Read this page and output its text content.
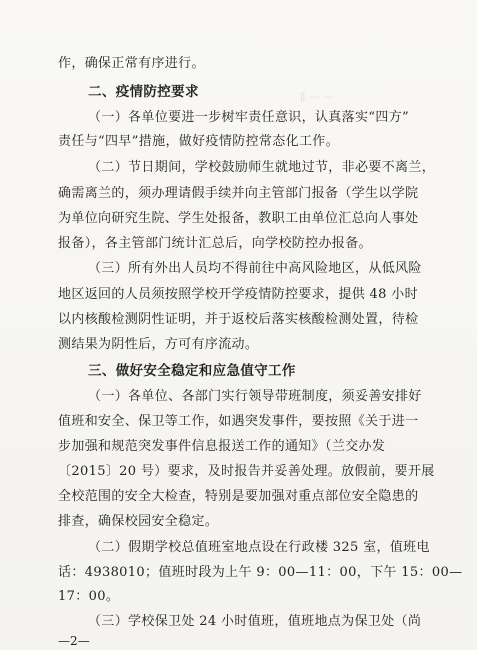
ǁ — —
作，确保正常有序进行。
二、疫情防控要求
（一）各单位要进一步树牢责任意识，认真落实“四方”
责任与“四早”措施，做好疫情防控常态化工作。
（二）节日期间，学校鼓励师生就地过节，非必要不离兰，
确需离兰的，须办理请假手续并向主管部门报备（学生以学院
为单位向研究生院、学生处报备，教职工由单位汇总向人事处
报备），各主管部门统计汇总后，向学校防控办报备。
（三）所有外出人员均不得前往中高风险地区，从低风险
地区返回的人员须按照学校开学疫情防控要求，提供 48 小时
以内核酸检测阴性证明，并于返校后落实核酸检测处置，待检
测结果为阴性后，方可有序流动。
三、做好安全稳定和应急值守工作
（一）各单位、各部门实行领导带班制度，须妥善安排好
值班和安全、保卫等工作，如遇突发事件，要按照《关于进一
步加强和规范突发事件信息报送工作的通知》（兰交办发
〔2015〕20 号）要求，及时报告并妥善处理。放假前，要开展
全校范围的安全大检查，特别是要加强对重点部位安全隐患的
排查，确保校园安全稳定。
（二）假期学校总值班室地点设在行政楼 325 室，值班电
话：4938010；值班时段为上午 9：00—11：00，下午 15：00—
17：00。
（三）学校保卫处 24 小时值班，值班地点为保卫处（尚
—2—
